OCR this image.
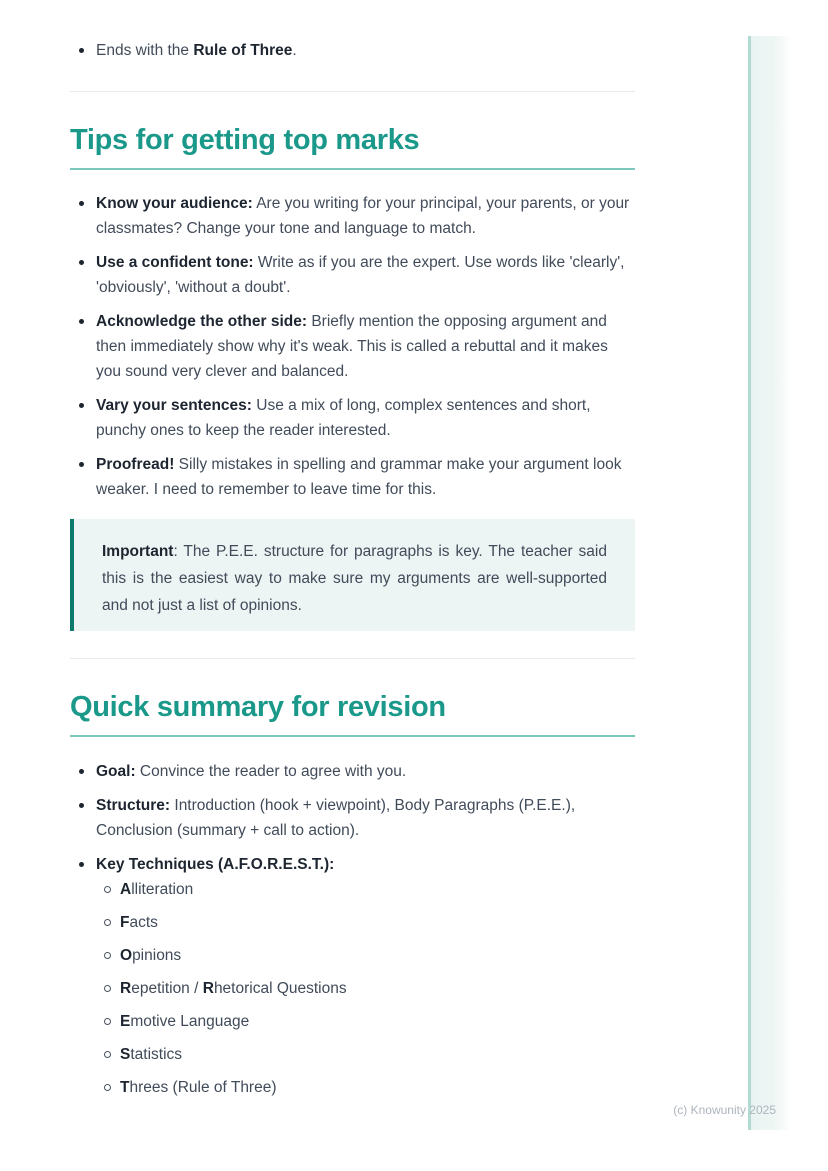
Ends with the Rule of Three.
Tips for getting top marks
Know your audience: Are you writing for your principal, your parents, or your classmates? Change your tone and language to match.
Use a confident tone: Write as if you are the expert. Use words like 'clearly', 'obviously', 'without a doubt'.
Acknowledge the other side: Briefly mention the opposing argument and then immediately show why it's weak. This is called a rebuttal and it makes you sound very clever and balanced.
Vary your sentences: Use a mix of long, complex sentences and short, punchy ones to keep the reader interested.
Proofread! Silly mistakes in spelling and grammar make your argument look weaker. I need to remember to leave time for this.

Important: The P.E.E. structure for paragraphs is key. The teacher said this is the easiest way to make sure my arguments are well-supported and not just a list of opinions.

Quick summary for revision
Goal: Convince the reader to agree with you.
Structure: Introduction (hook + viewpoint), Body Paragraphs (P.E.E.), Conclusion (summary + call to action).
Key Techniques (A.F.O.R.E.S.T.):
Alliteration
Facts
Opinions
Repetition / Rhetorical Questions
Emotive Language
Statistics
Threes (Rule of Three)
(c) Knowunity 2025
